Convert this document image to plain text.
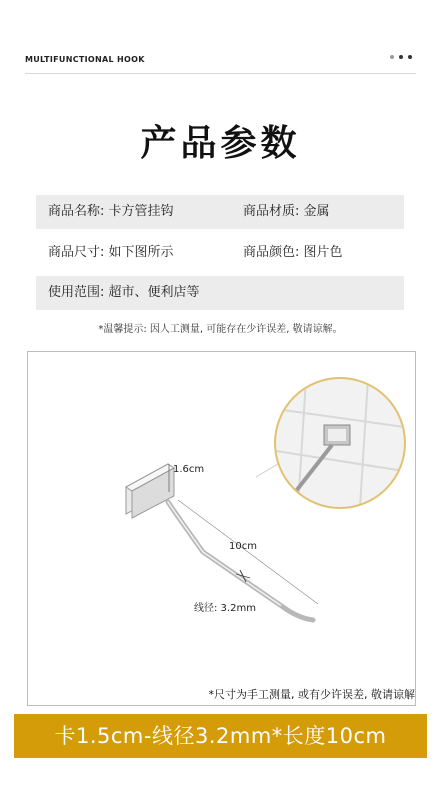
MULTIFUNCTIONAL HOOK
产品参数
商品名称: 卡方管挂钩	商品材质: 金属
商品尺寸: 如下图所示	商品颜色: 图片色
使用范围: 超市、便利店等
*温馨提示: 因人工测量, 可能存在少许误差, 敬请谅解。
1.6cm
10cm
线径: 3.2mm
*尺寸为手工测量, 或有少许误差, 敬请谅解
卡1.5cm-线径3.2mm*长度10cm
